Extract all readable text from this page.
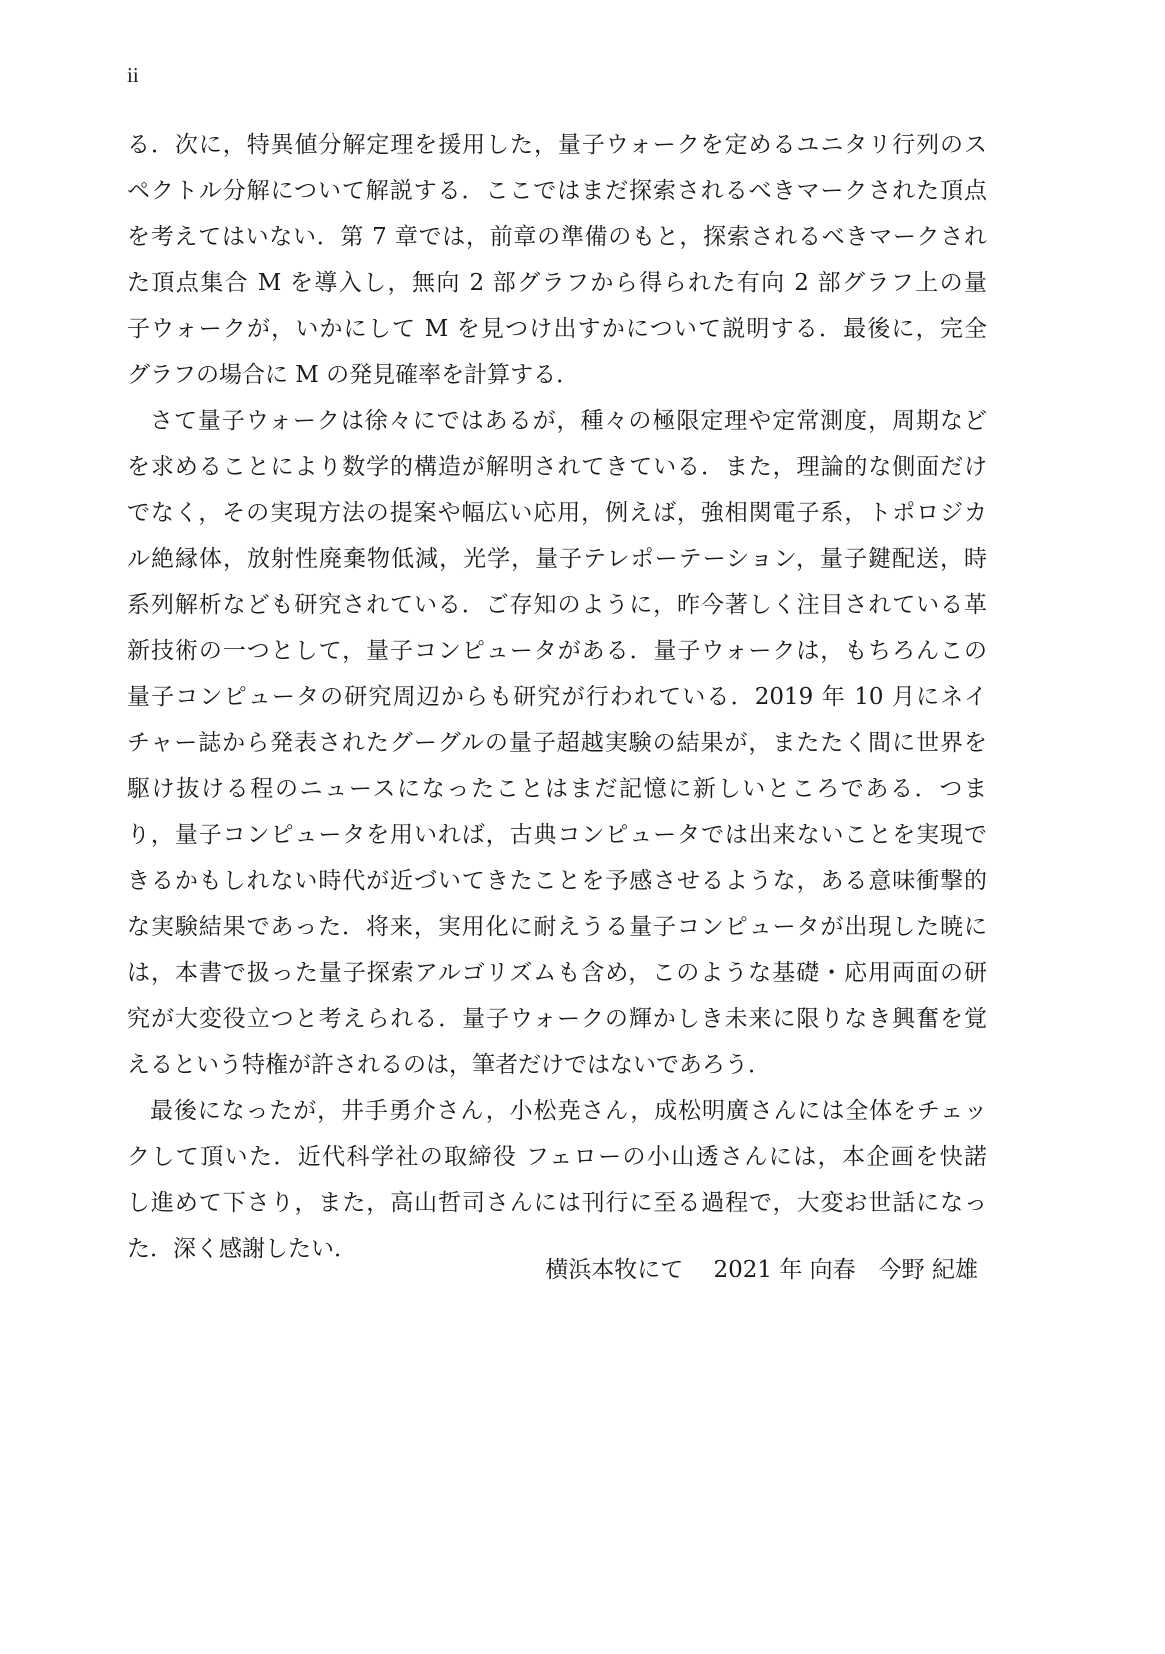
ii
る．次に，特異値分解定理を援用した，量子ウォークを定めるユニタリ行列のス
ペクトル分解について解説する．ここではまだ探索されるべきマークされた頂点
を考えてはいない．第 7 章では，前章の準備のもと，探索されるべきマークされ
た頂点集合 M を導入し，無向 2 部グラフから得られた有向 2 部グラフ上の量
子ウォークが，いかにして M を見つけ出すかについて説明する．最後に，完全
グラフの場合に M の発見確率を計算する．
さて量子ウォークは徐々にではあるが，種々の極限定理や定常測度，周期など
を求めることにより数学的構造が解明されてきている．また，理論的な側面だけ
でなく，その実現方法の提案や幅広い応用，例えば，強相関電子系，トポロジカ
ル絶縁体，放射性廃棄物低減，光学，量子テレポーテーション，量子鍵配送，時
系列解析なども研究されている．ご存知のように，昨今著しく注目されている革
新技術の一つとして，量子コンピュータがある．量子ウォークは，もちろんこの
量子コンピュータの研究周辺からも研究が行われている．2019 年 10 月にネイ
チャー誌から発表されたグーグルの量子超越実験の結果が，またたく間に世界を
駆け抜ける程のニュースになったことはまだ記憶に新しいところである．つま
り，量子コンピュータを用いれば，古典コンピュータでは出来ないことを実現で
きるかもしれない時代が近づいてきたことを予感させるような，ある意味衝撃的
な実験結果であった．将来，実用化に耐えうる量子コンピュータが出現した暁に
は，本書で扱った量子探索アルゴリズムも含め，このような基礎・応用両面の研
究が大変役立つと考えられる．量子ウォークの輝かしき未来に限りなき興奮を覚
えるという特権が許されるのは，筆者だけではないであろう．
最後になったが，井手勇介さん，小松尭さん，成松明廣さんには全体をチェッ
クして頂いた．近代科学社の取締役 フェローの小山透さんには，本企画を快諾
し進めて下さり，また，高山哲司さんには刊行に至る過程で，大変お世話になっ
た．深く感謝したい．
横浜本牧にて　 2021 年 向春　今野 紀雄
